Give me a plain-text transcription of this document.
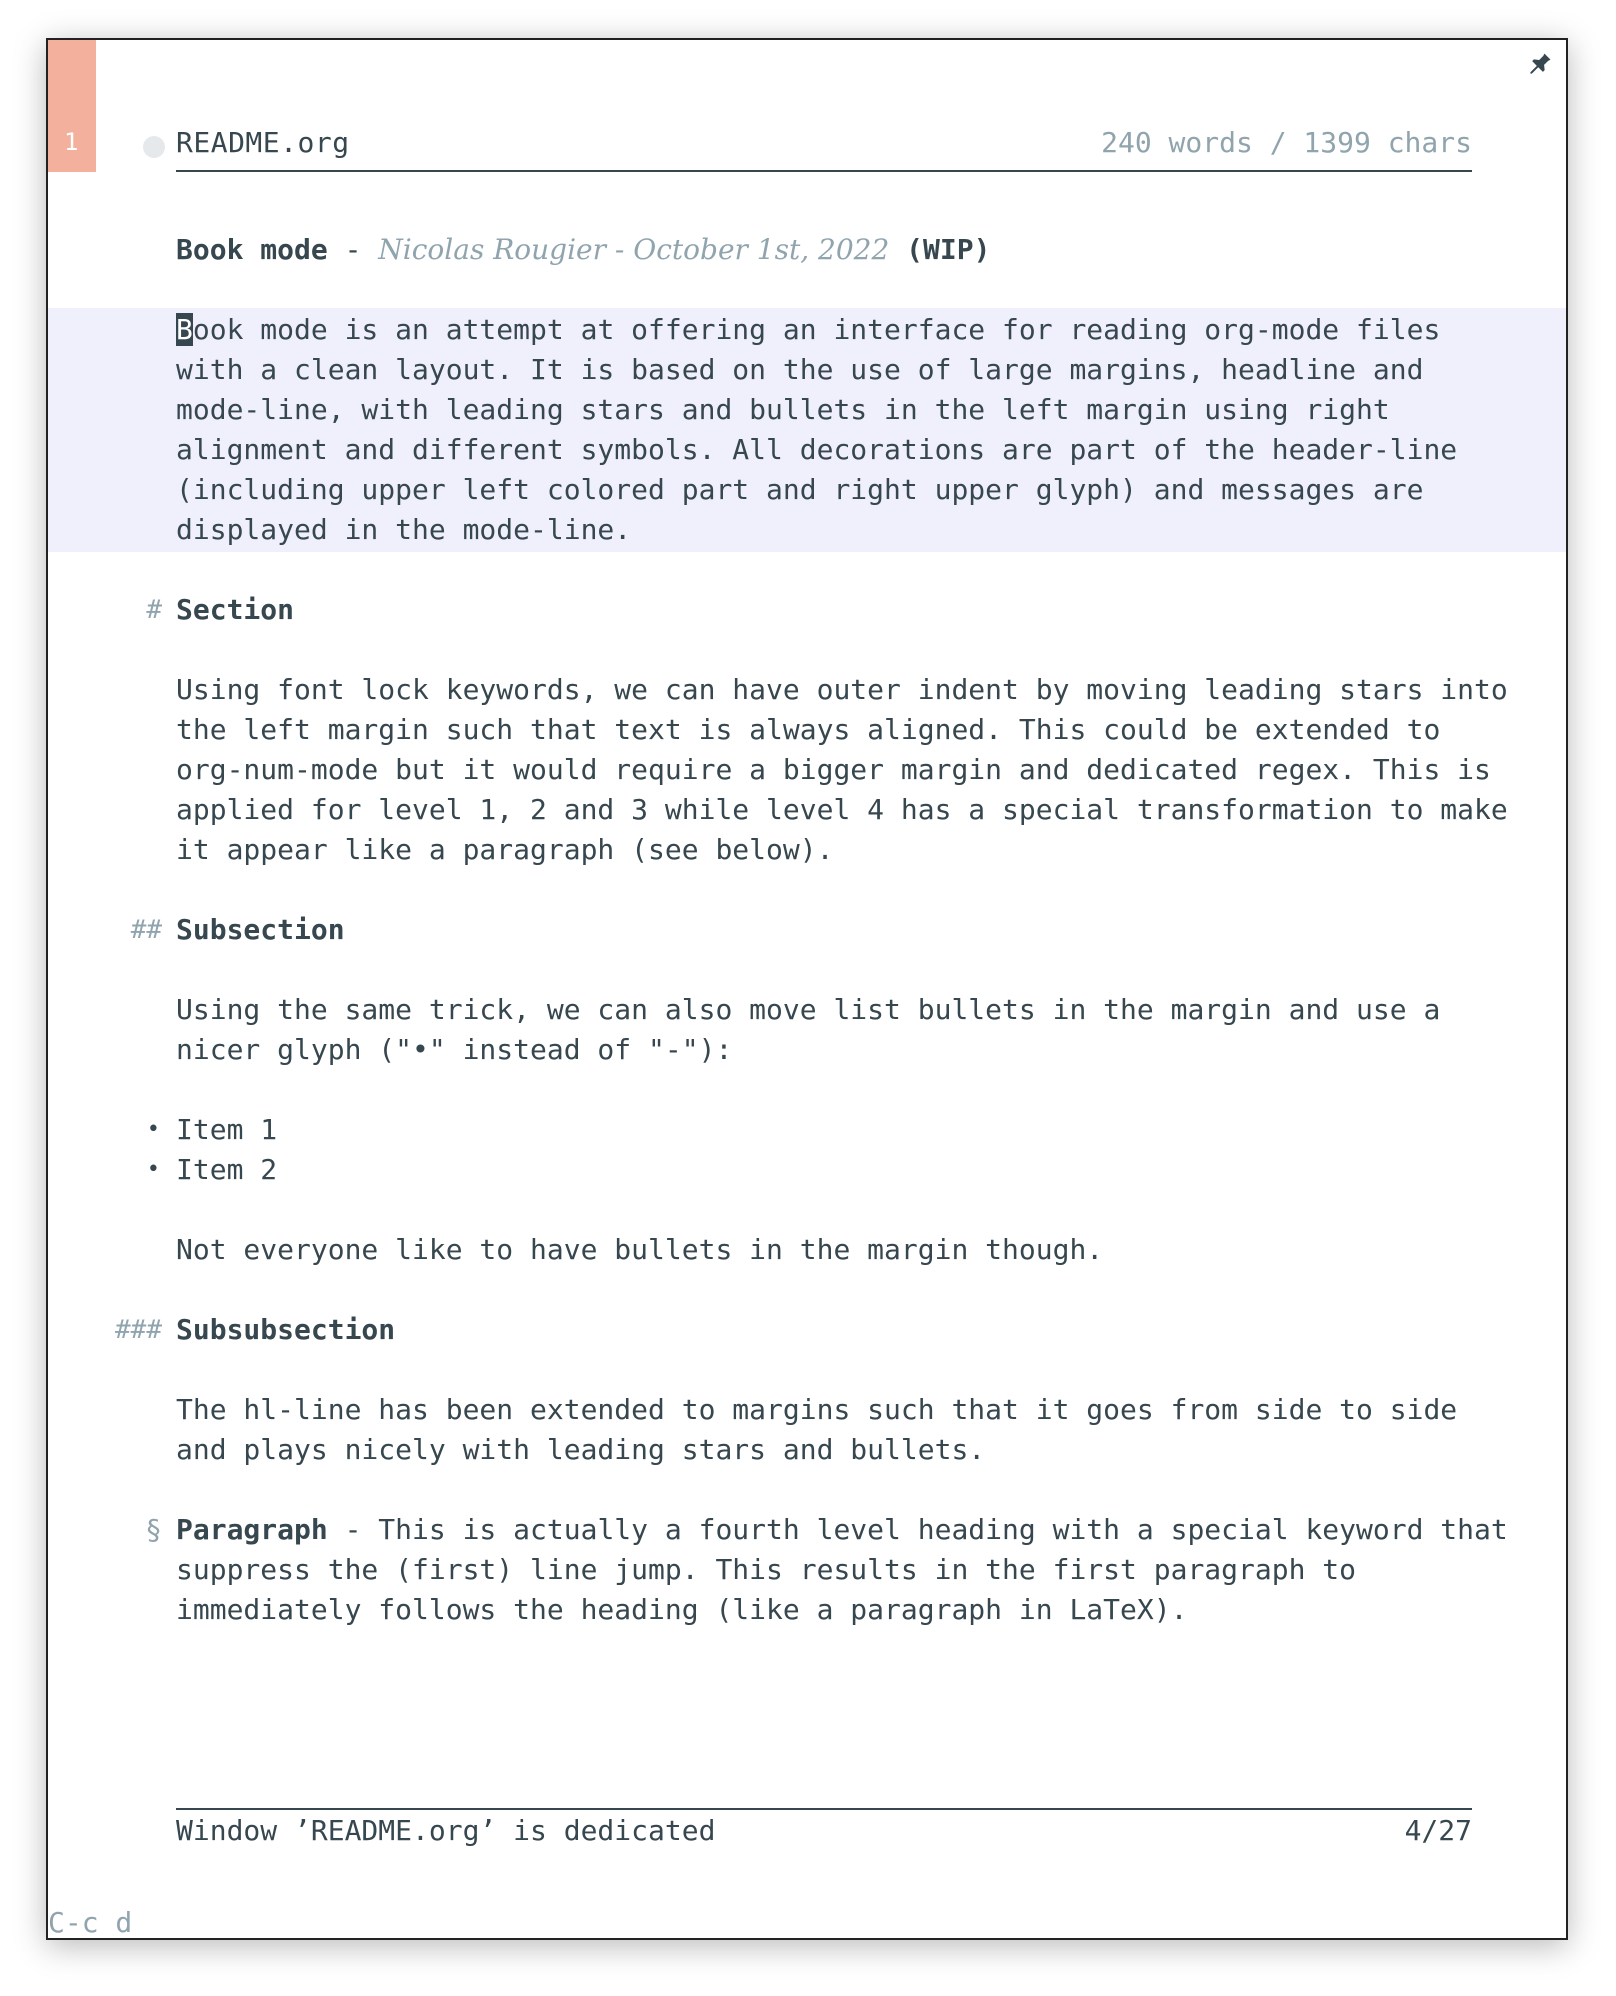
1	README.org	240 words / 1399 chars
Book mode - Nicolas Rougier - October 1st, 2022 (WIP)
Book mode is an attempt at offering an interface for reading org-mode files
with a clean layout. It is based on the use of large margins, headline and
mode-line, with leading stars and bullets in the left margin using right
alignment and different symbols. All decorations are part of the header-line
(including upper left colored part and right upper glyph) and messages are
displayed in the mode-line.
# Section
Using font lock keywords, we can have outer indent by moving leading stars into
the left margin such that text is always aligned. This could be extended to
org-num-mode but it would require a bigger margin and dedicated regex. This is
applied for level 1, 2 and 3 while level 4 has a special transformation to make
it appear like a paragraph (see below).
## Subsection
Using the same trick, we can also move list bullets in the margin and use a
nicer glyph ("•" instead of "-"):
• Item 1
• Item 2
Not everyone like to have bullets in the margin though.
### Subsubsection
The hl-line has been extended to margins such that it goes from side to side
and plays nicely with leading stars and bullets.
§ Paragraph - This is actually a fourth level heading with a special keyword that
suppress the (first) line jump. This results in the first paragraph to
immediately follows the heading (like a paragraph in LaTeX).
Window ’README.org’ is dedicated	4/27
C-c d
